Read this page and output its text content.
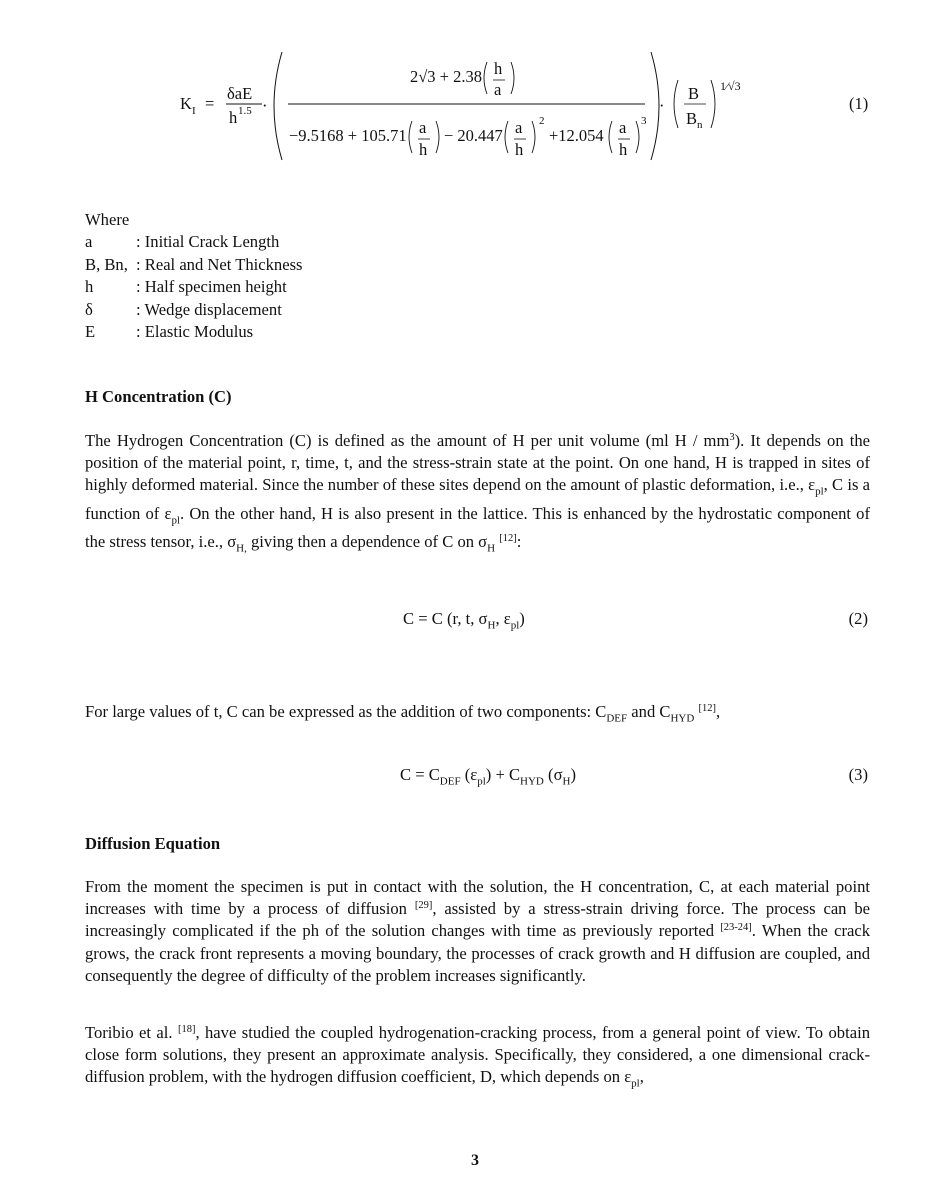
K I =
δaE
h 1.5 ·
2√3 + 2.38 h
a
−9.5168 + 105.71 a
h
− 20.447 a
h
2
+12.054 a
h
3
·
B
B n
1⁄√3
(1)
Where
a	: Initial Crack Length
B, Bn, : Real and Net Thickness
h	: Half specimen height
δ	: Wedge displacement
E	: Elastic Modulus
H Concentration (C)
The Hydrogen Concentration (C) is defined as the amount of H per unit volume (ml H / mm$^3$). It depends on the position of the material point, r, time, t, and the stress-strain state at the point. On one hand, H is trapped in sites of highly deformed material. Since the number of these sites depend on the amount of plastic deformation, i.e., $\varepsilon_{pl}$, C is a function of $\varepsilon_{pl}$. On the other hand, H is also present in the lattice. This is enhanced by the hydrostatic component of the stress tensor, i.e., $\sigma_{H,}$ giving then a dependence of C on $\sigma_H$ [12]:
C = C (r, t, $\sigma_H$, $\varepsilon_{pl}$)	(2)
For large values of t, C can be expressed as the addition of two components: $C_{DEF}$ and $C_{HYD}$ [12],
$C = C_{DEF}$ $(\varepsilon_{pl}) + C_{HYD}$ $(\sigma_H)$	(3)
Diffusion Equation
From the moment the specimen is put in contact with the solution, the H concentration, C, at each material point increases with time by a process of diffusion [29], assisted by a stress-strain driving force. The process can be increasingly complicated if the ph of the solution changes with time as previously reported [23-24]. When the crack grows, the crack front represents a moving boundary, the processes of crack growth and H diffusion are coupled, and consequently the degree of difficulty of the problem increases significantly.
Toribio et al. [18], have studied the coupled hydrogenation-cracking process, from a general point of view. To obtain close form solutions, they present an approximate analysis. Specifically, they considered, a one dimensional crack-diffusion problem, with the hydrogen diffusion coefficient, D, which depends on $\varepsilon_{pl}$,
3
